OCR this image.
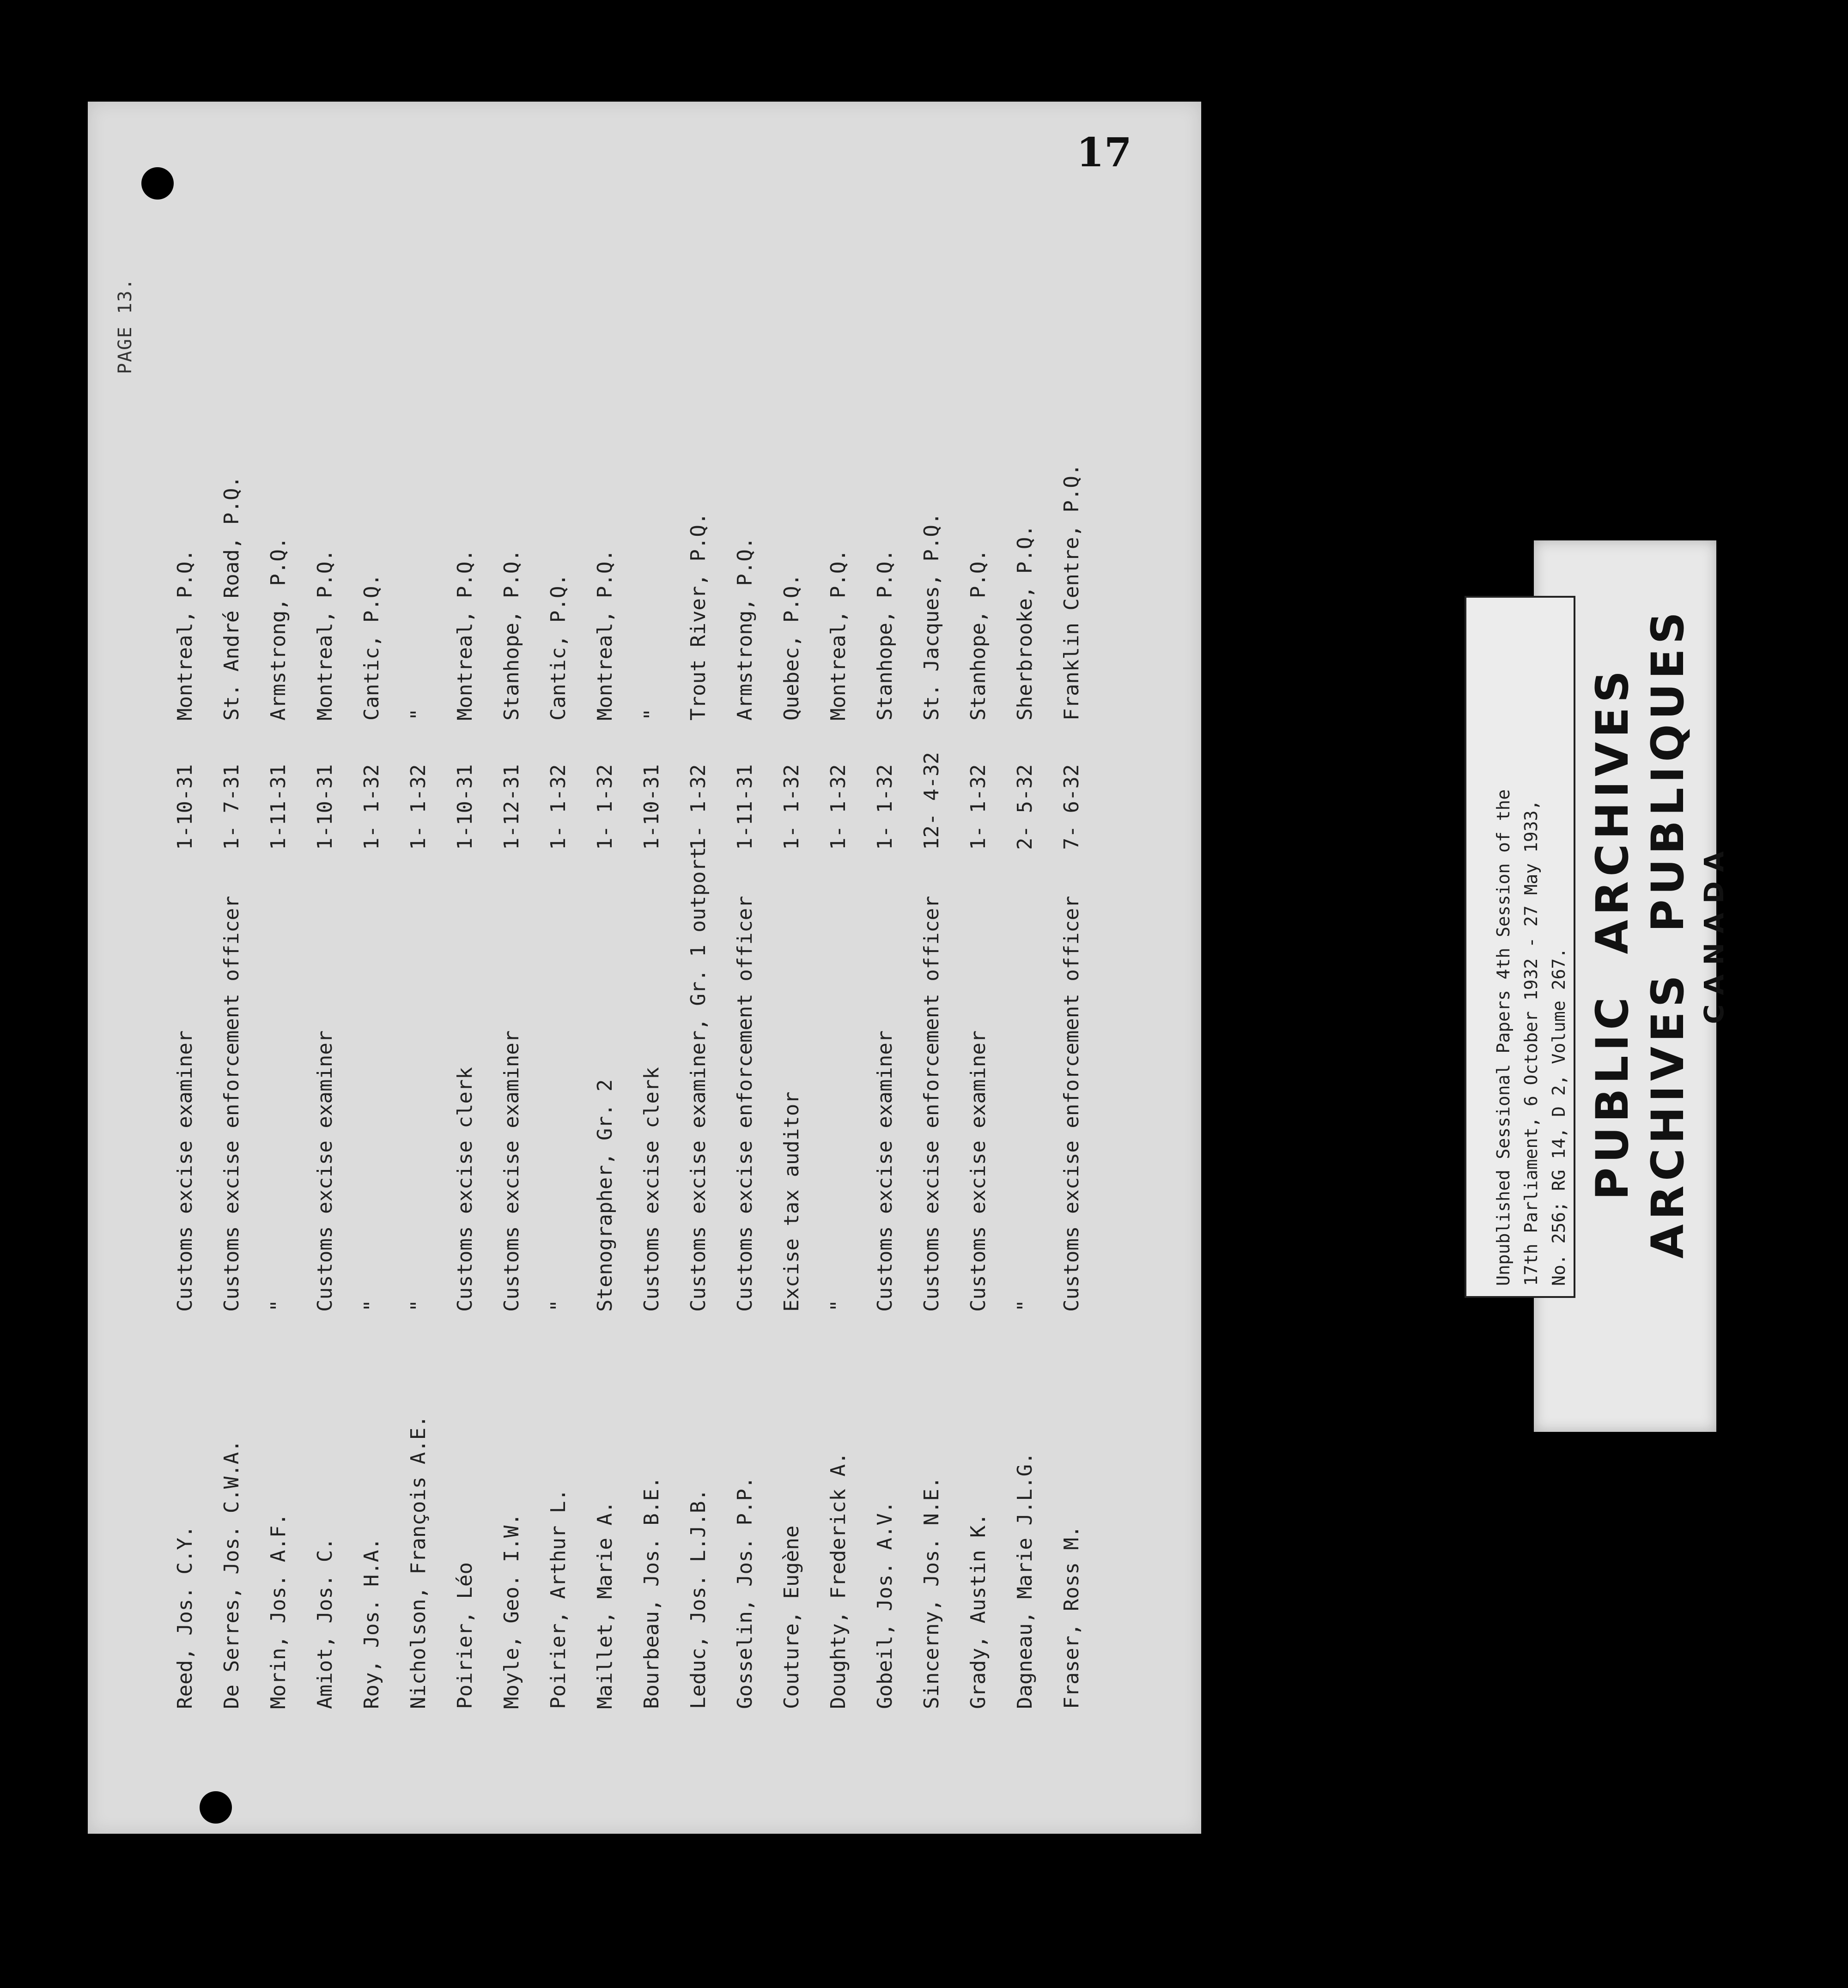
17
PAGE 13.
Reed, Jos. C.Y.
Customs excise examiner
1-10-31
Montreal, P.Q.
De Serres, Jos. C.W.A.
Customs excise enforcement officer
1- 7-31
St. André Road, P.Q.
Morin, Jos. A.F.
"
1-11-31
Armstrong, P.Q.
Amiot, Jos. C.
Customs excise examiner
1-10-31
Montreal, P.Q.
Roy, Jos. H.A.
"
1- 1-32
Cantic, P.Q.
Nicholson, François A.E.
"
1- 1-32
"
Poirier, Léo
Customs excise clerk
1-10-31
Montreal, P.Q.
Moyle, Geo. I.W.
Customs excise examiner
1-12-31
Stanhope, P.Q.
Poirier, Arthur L.
"
1- 1-32
Cantic, P.Q.
Maillet, Marie A.
Stenographer, Gr. 2
1- 1-32
Montreal, P.Q.
Bourbeau, Jos. B.E.
Customs excise clerk
1-10-31
"
Leduc, Jos. L.J.B.
Customs excise examiner, Gr. 1 outport
1- 1-32
Trout River, P.Q.
Gosselin, Jos. P.P.
Customs excise enforcement officer
1-11-31
Armstrong, P.Q.
Couture, Eugène
Excise tax auditor
1- 1-32
Quebec, P.Q.
Doughty, Frederick A.
"
1- 1-32
Montreal, P.Q.
Gobeil, Jos. A.V.
Customs excise examiner
1- 1-32
Stanhope, P.Q.
Sincerny, Jos. N.E.
Customs excise enforcement officer
12- 4-32
St. Jacques, P.Q.
Grady, Austin K.
Customs excise examiner
1- 1-32
Stanhope, P.Q.
Dagneau, Marie J.L.G.
"
2- 5-32
Sherbrooke, P.Q.
Fraser, Ross M.
Customs excise enforcement officer
7- 6-32
Franklin Centre, P.Q.
Unpublished Sessional Papers 4th Session of the 17th Parliament, 6 October 1932 - 27 May 1933, No. 256; RG 14, D 2, Volume 267. PUBLIC ARCHIVES ARCHIVES PUBLIQUES CANADA
